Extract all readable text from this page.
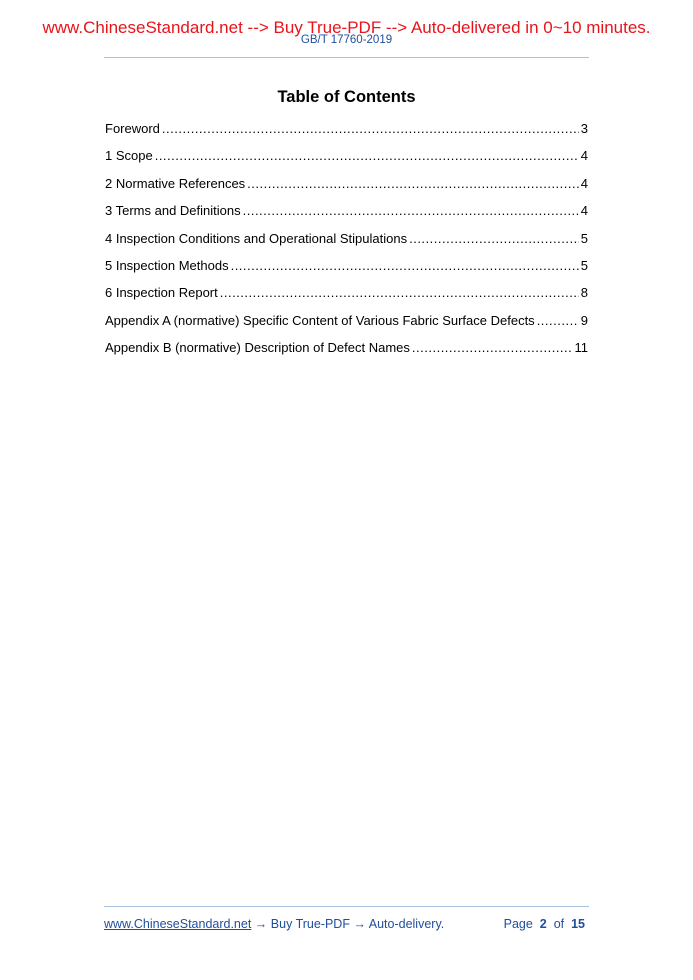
www.ChineseStandard.net --> Buy True-PDF --> Auto-delivered in 0~10 minutes.
GB/T 17760-2019
Table of Contents
Foreword .....	3
1 Scope .....	4
2 Normative References .....	4
3 Terms and Definitions .....	4
4 Inspection Conditions and Operational Stipulations .....	5
5 Inspection Methods .....	5
6 Inspection Report .....	8
Appendix A (normative) Specific Content of Various Fabric Surface Defects .....	9
Appendix B (normative) Description of Defect Names .....	11
www.ChineseStandard.net → Buy True-PDF → Auto-delivery.	Page 2 of 15
